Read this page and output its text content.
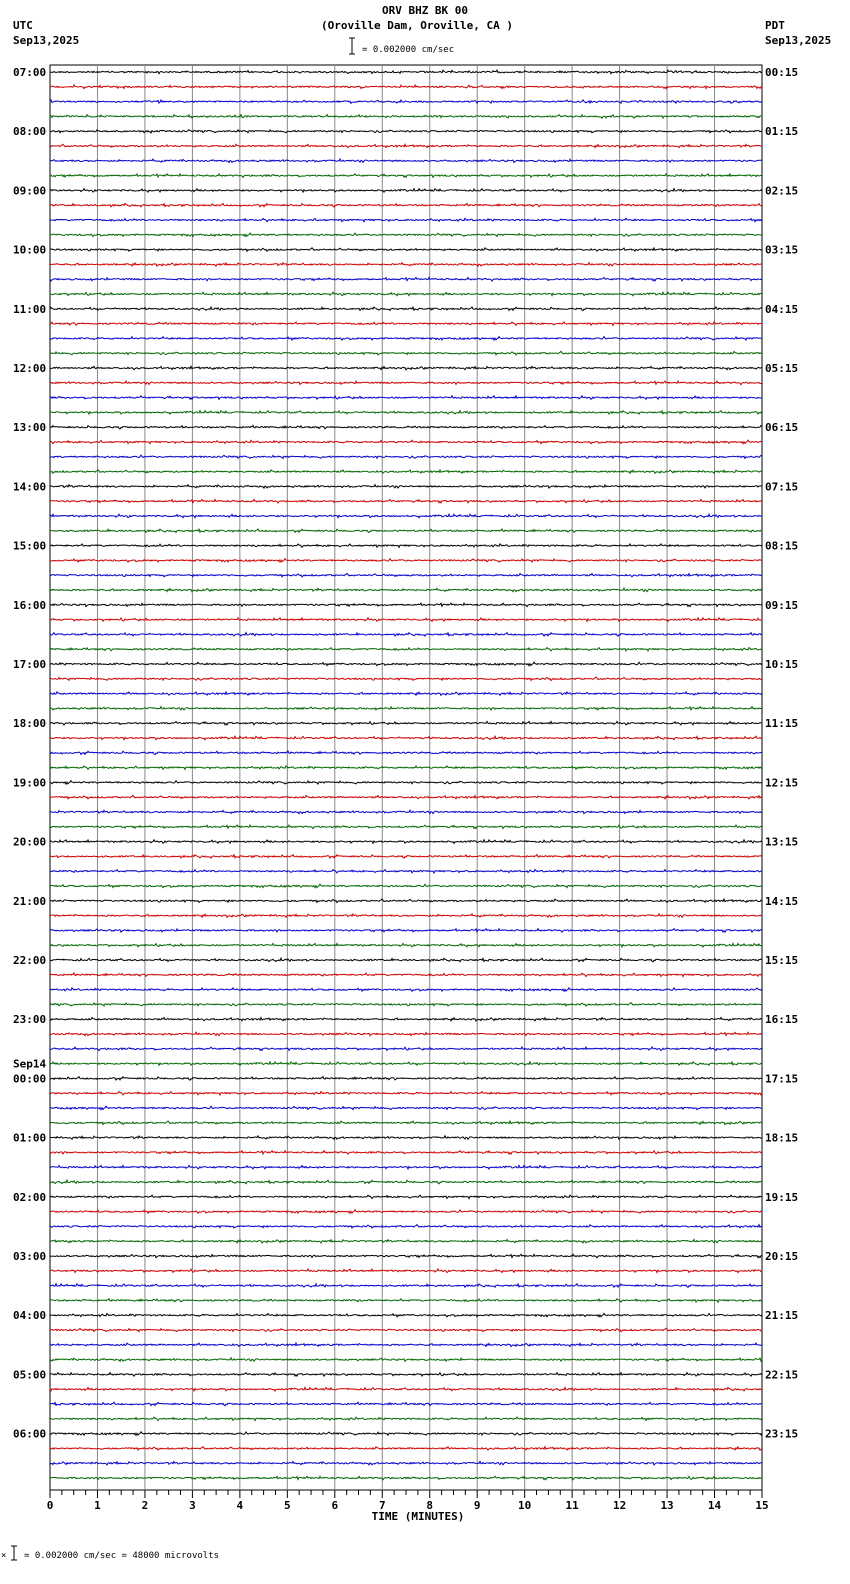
ORV BHZ BK 00
(Oroville Dam, Oroville, CA )
UTC
Sep13,2025
PDT
Sep13,2025
= 0.002000 cm/sec
07:00
08:00
09:00
10:00
11:00
12:00
13:00
14:00
15:00
16:00
17:00
18:00
19:00
20:00
21:00
22:00
23:00
00:00
Sep14
01:00
02:00
03:00
04:00
05:00
06:00
00:15
01:15
02:15
03:15
04:15
05:15
06:15
07:15
08:15
09:15
10:15
11:15
12:15
13:15
14:15
15:15
16:15
17:15
18:15
19:15
20:15
21:15
22:15
23:15
0	1	2	3	4	5	6	7	8	9	10	11	12	13	14	15
TIME (MINUTES)
× = 0.002000 cm/sec = 48000 microvolts
